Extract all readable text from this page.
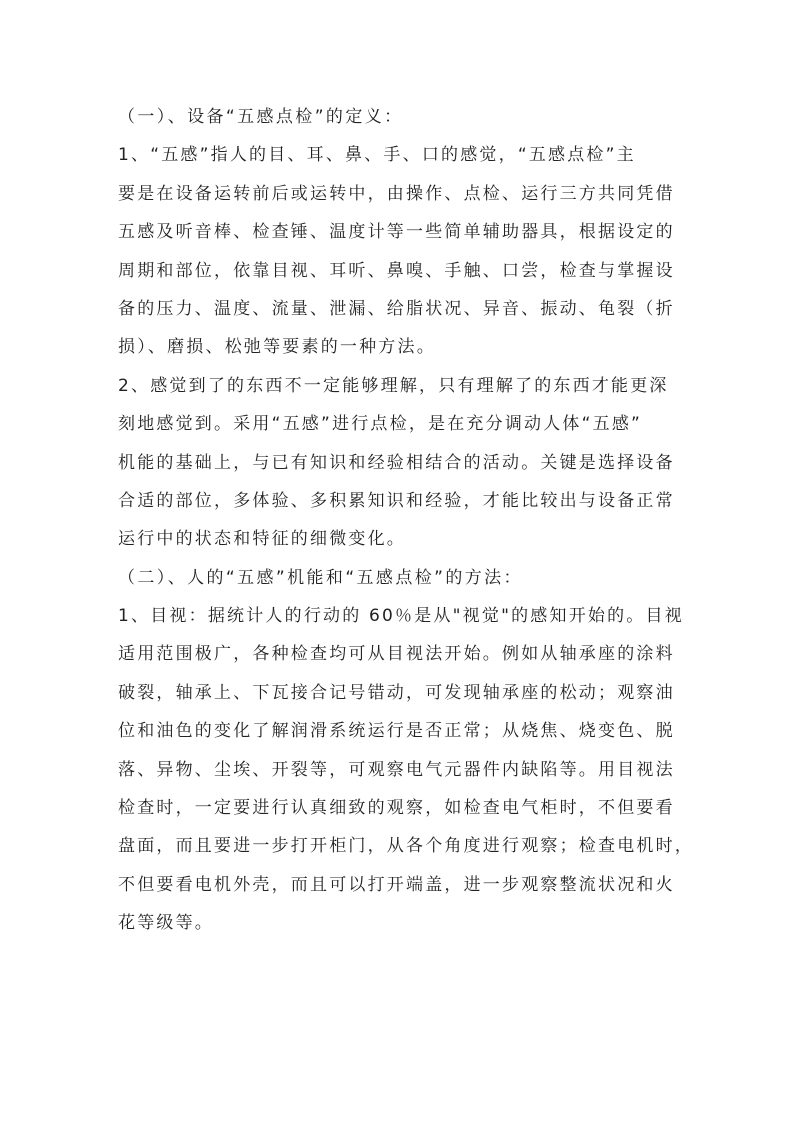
（一）、设备“五感点检”的定义：
1、“五感”指人的目、耳、鼻、手、口的感觉，“五感点检”主
要是在设备运转前后或运转中，由操作、点检、运行三方共同凭借
五感及听音棒、检查锤、温度计等一些简单辅助器具，根据设定的
周期和部位，依靠目视、耳听、鼻嗅、手触、口尝，检查与掌握设
备的压力、温度、流量、泄漏、给脂状况、异音、振动、龟裂（折
损）、磨损、松弛等要素的一种方法。
2、感觉到了的东西不一定能够理解，只有理解了的东西才能更深
刻地感觉到。采用“五感”进行点检，是在充分调动人体“五感”
机能的基础上，与已有知识和经验相结合的活动。关键是选择设备
合适的部位，多体验、多积累知识和经验，才能比较出与设备正常
运行中的状态和特征的细微变化。
（二）、人的“五感”机能和“五感点检”的方法：
1、目视：据统计人的行动的 60％是从"视觉"的感知开始的。目视
适用范围极广，各种检查均可从目视法开始。例如从轴承座的涂料
破裂，轴承上、下瓦接合记号错动，可发现轴承座的松动；观察油
位和油色的变化了解润滑系统运行是否正常；从烧焦、烧变色、脱
落、异物、尘埃、开裂等，可观察电气元器件内缺陷等。用目视法
检查时，一定要进行认真细致的观察，如检查电气柜时，不但要看
盘面，而且要进一步打开柜门，从各个角度进行观察；检查电机时，
不但要看电机外壳，而且可以打开端盖，进一步观察整流状况和火
花等级等。
